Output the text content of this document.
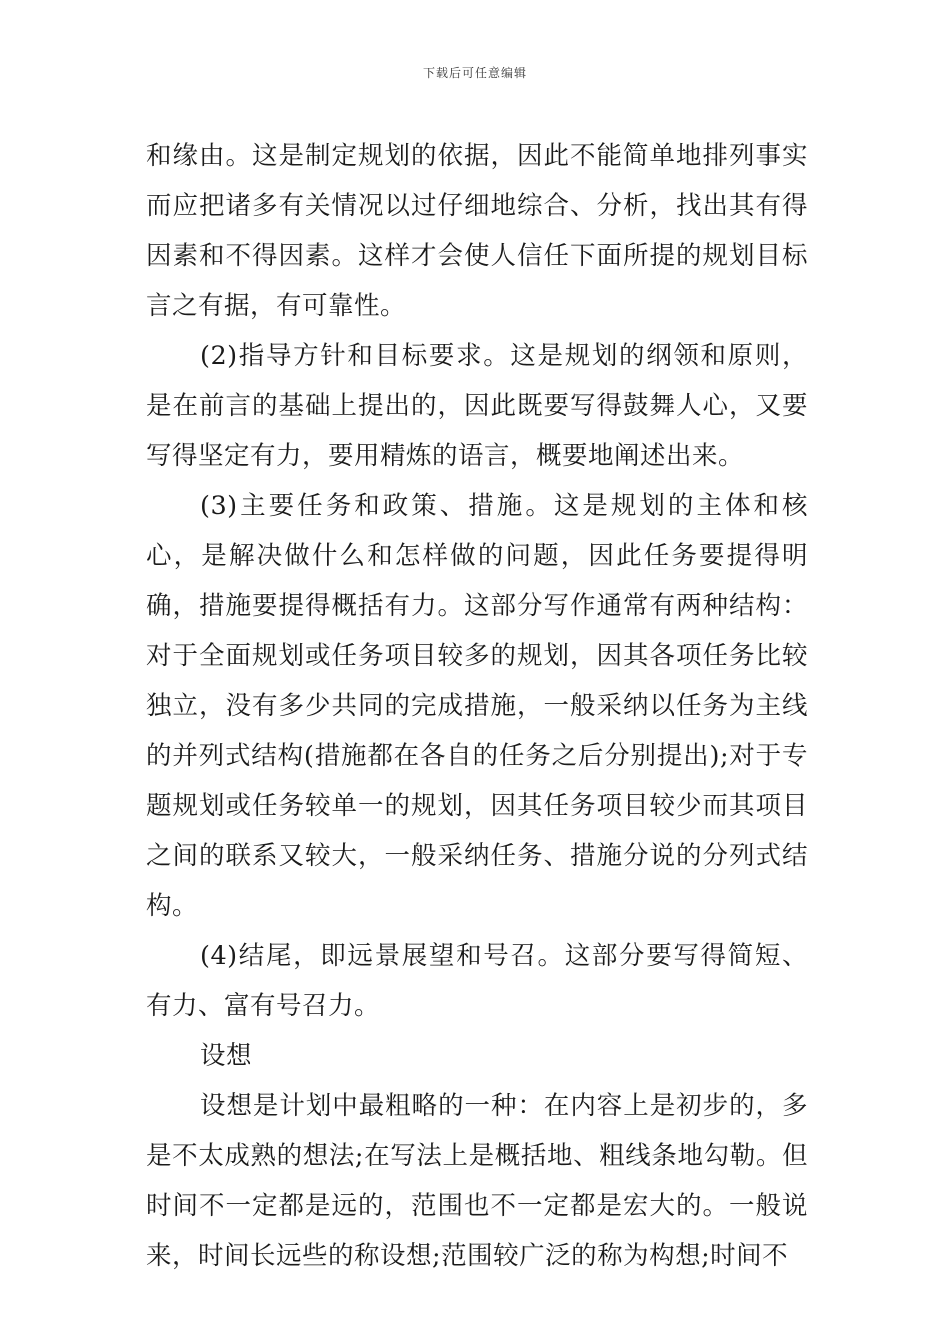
下载后可任意编辑

和缘由。这是制定规划的依据，因此不能简单地排列事实而应把诸多有关情况以过仔细地综合、分析，找出其有得因素和不得因素。这样才会使人信任下面所提的规划目标言之有据，有可靠性。

(2)指导方针和目标要求。这是规划的纲领和原则，是在前言的基础上提出的，因此既要写得鼓舞人心，又要写得坚定有力，要用精炼的语言，概要地阐述出来。

(3)主要任务和政策、措施。这是规划的主体和核心，是解决做什么和怎样做的问题，因此任务要提得明确，措施要提得概括有力。这部分写作通常有两种结构：对于全面规划或任务项目较多的规划，因其各项任务比较独立，没有多少共同的完成措施，一般采纳以任务为主线的并列式结构(措施都在各自的任务之后分别提出);对于专题规划或任务较单一的规划，因其任务项目较少而其项目之间的联系又较大，一般采纳任务、措施分说的分列式结构。

(4)结尾，即远景展望和号召。这部分要写得简短、有力、富有号召力。

设想

设想是计划中最粗略的一种：在内容上是初步的，多是不太成熟的想法;在写法上是概括地、粗线条地勾勒。但时间不一定都是远的，范围也不一定都是宏大的。一般说来，时间长远些的称设想;范围较广泛的称为构想;时间不
